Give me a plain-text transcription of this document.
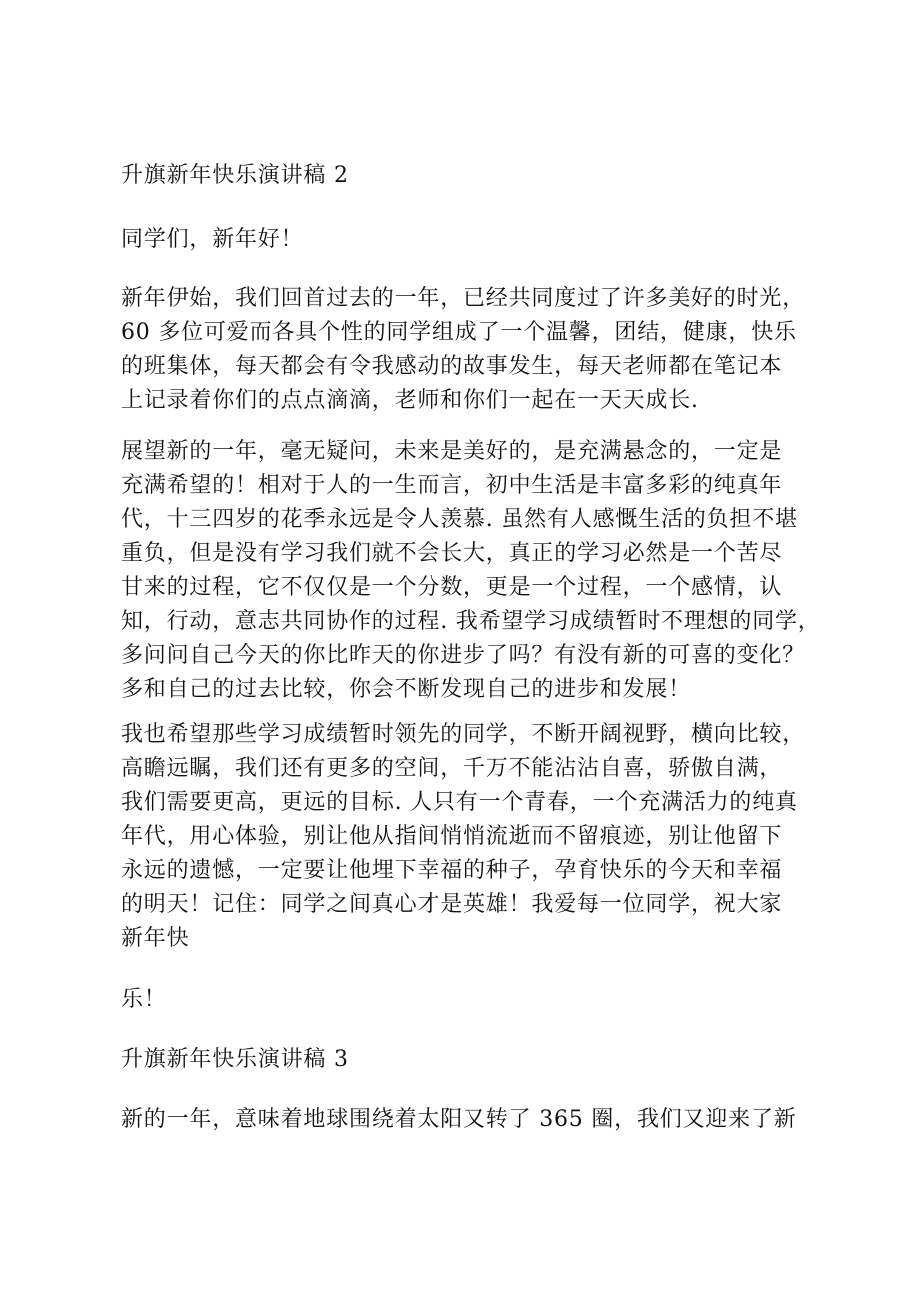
升旗新年快乐演讲稿 2
同学们，新年好！
新年伊始，我们回首过去的一年，已经共同度过了许多美好的时光，
60 多位可爱而各具个性的同学组成了一个温馨，团结，健康，快乐
的班集体，每天都会有令我感动的故事发生，每天老师都在笔记本
上记录着你们的点点滴滴，老师和你们一起在一天天成长.
展望新的一年，毫无疑问，未来是美好的，是充满悬念的，一定是
充满希望的！相对于人的一生而言，初中生活是丰富多彩的纯真年
代，十三四岁的花季永远是令人羡慕. 虽然有人感慨生活的负担不堪
重负，但是没有学习我们就不会长大，真正的学习必然是一个苦尽
甘来的过程，它不仅仅是一个分数，更是一个过程，一个感情，认
知，行动，意志共同协作的过程. 我希望学习成绩暂时不理想的同学，
多问问自己今天的你比昨天的你进步了吗？有没有新的可喜的变化？
多和自己的过去比较，你会不断发现自己的进步和发展！
我也希望那些学习成绩暂时领先的同学，不断开阔视野，横向比较，
高瞻远瞩，我们还有更多的空间，千万不能沾沾自喜，骄傲自满，
我们需要更高，更远的目标. 人只有一个青春，一个充满活力的纯真
年代，用心体验，别让他从指间悄悄流逝而不留痕迹，别让他留下
永远的遗憾，一定要让他埋下幸福的种子，孕育快乐的今天和幸福
的明天！记住：同学之间真心才是英雄！我爱每一位同学，祝大家
新年快
乐！
升旗新年快乐演讲稿 3
新的一年，意味着地球围绕着太阳又转了 365 圈，我们又迎来了新
